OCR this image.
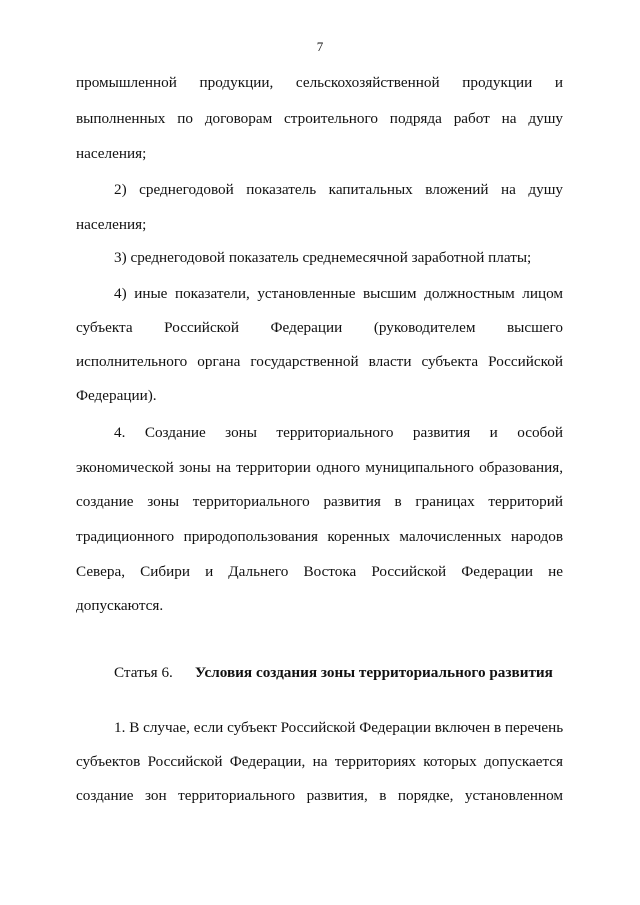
7
промышленной продукции, сельскохозяйственной продукции и
выполненных по договорам строительного подряда работ на душу
населения;
2) среднегодовой показатель капитальных вложений на душу
населения;
3) среднегодовой показатель среднемесячной заработной платы;
4) иные показатели, установленные высшим должностным лицом
субъекта Российской Федерации (руководителем высшего
исполнительного органа государственной власти субъекта Российской
Федерации).
4. Создание зоны территориального развития и особой
экономической зоны на территории одного муниципального образования,
создание зоны территориального развития в границах территорий
традиционного природопользования коренных малочисленных народов
Севера, Сибири и Дальнего Востока Российской Федерации не
допускаются.
Статья 6. Условия создания зоны территориального развития
1. В случае, если субъект Российской Федерации включен в перечень
субъектов Российской Федерации, на территориях которых допускается
создание зон территориального развития, в порядке, установленном
